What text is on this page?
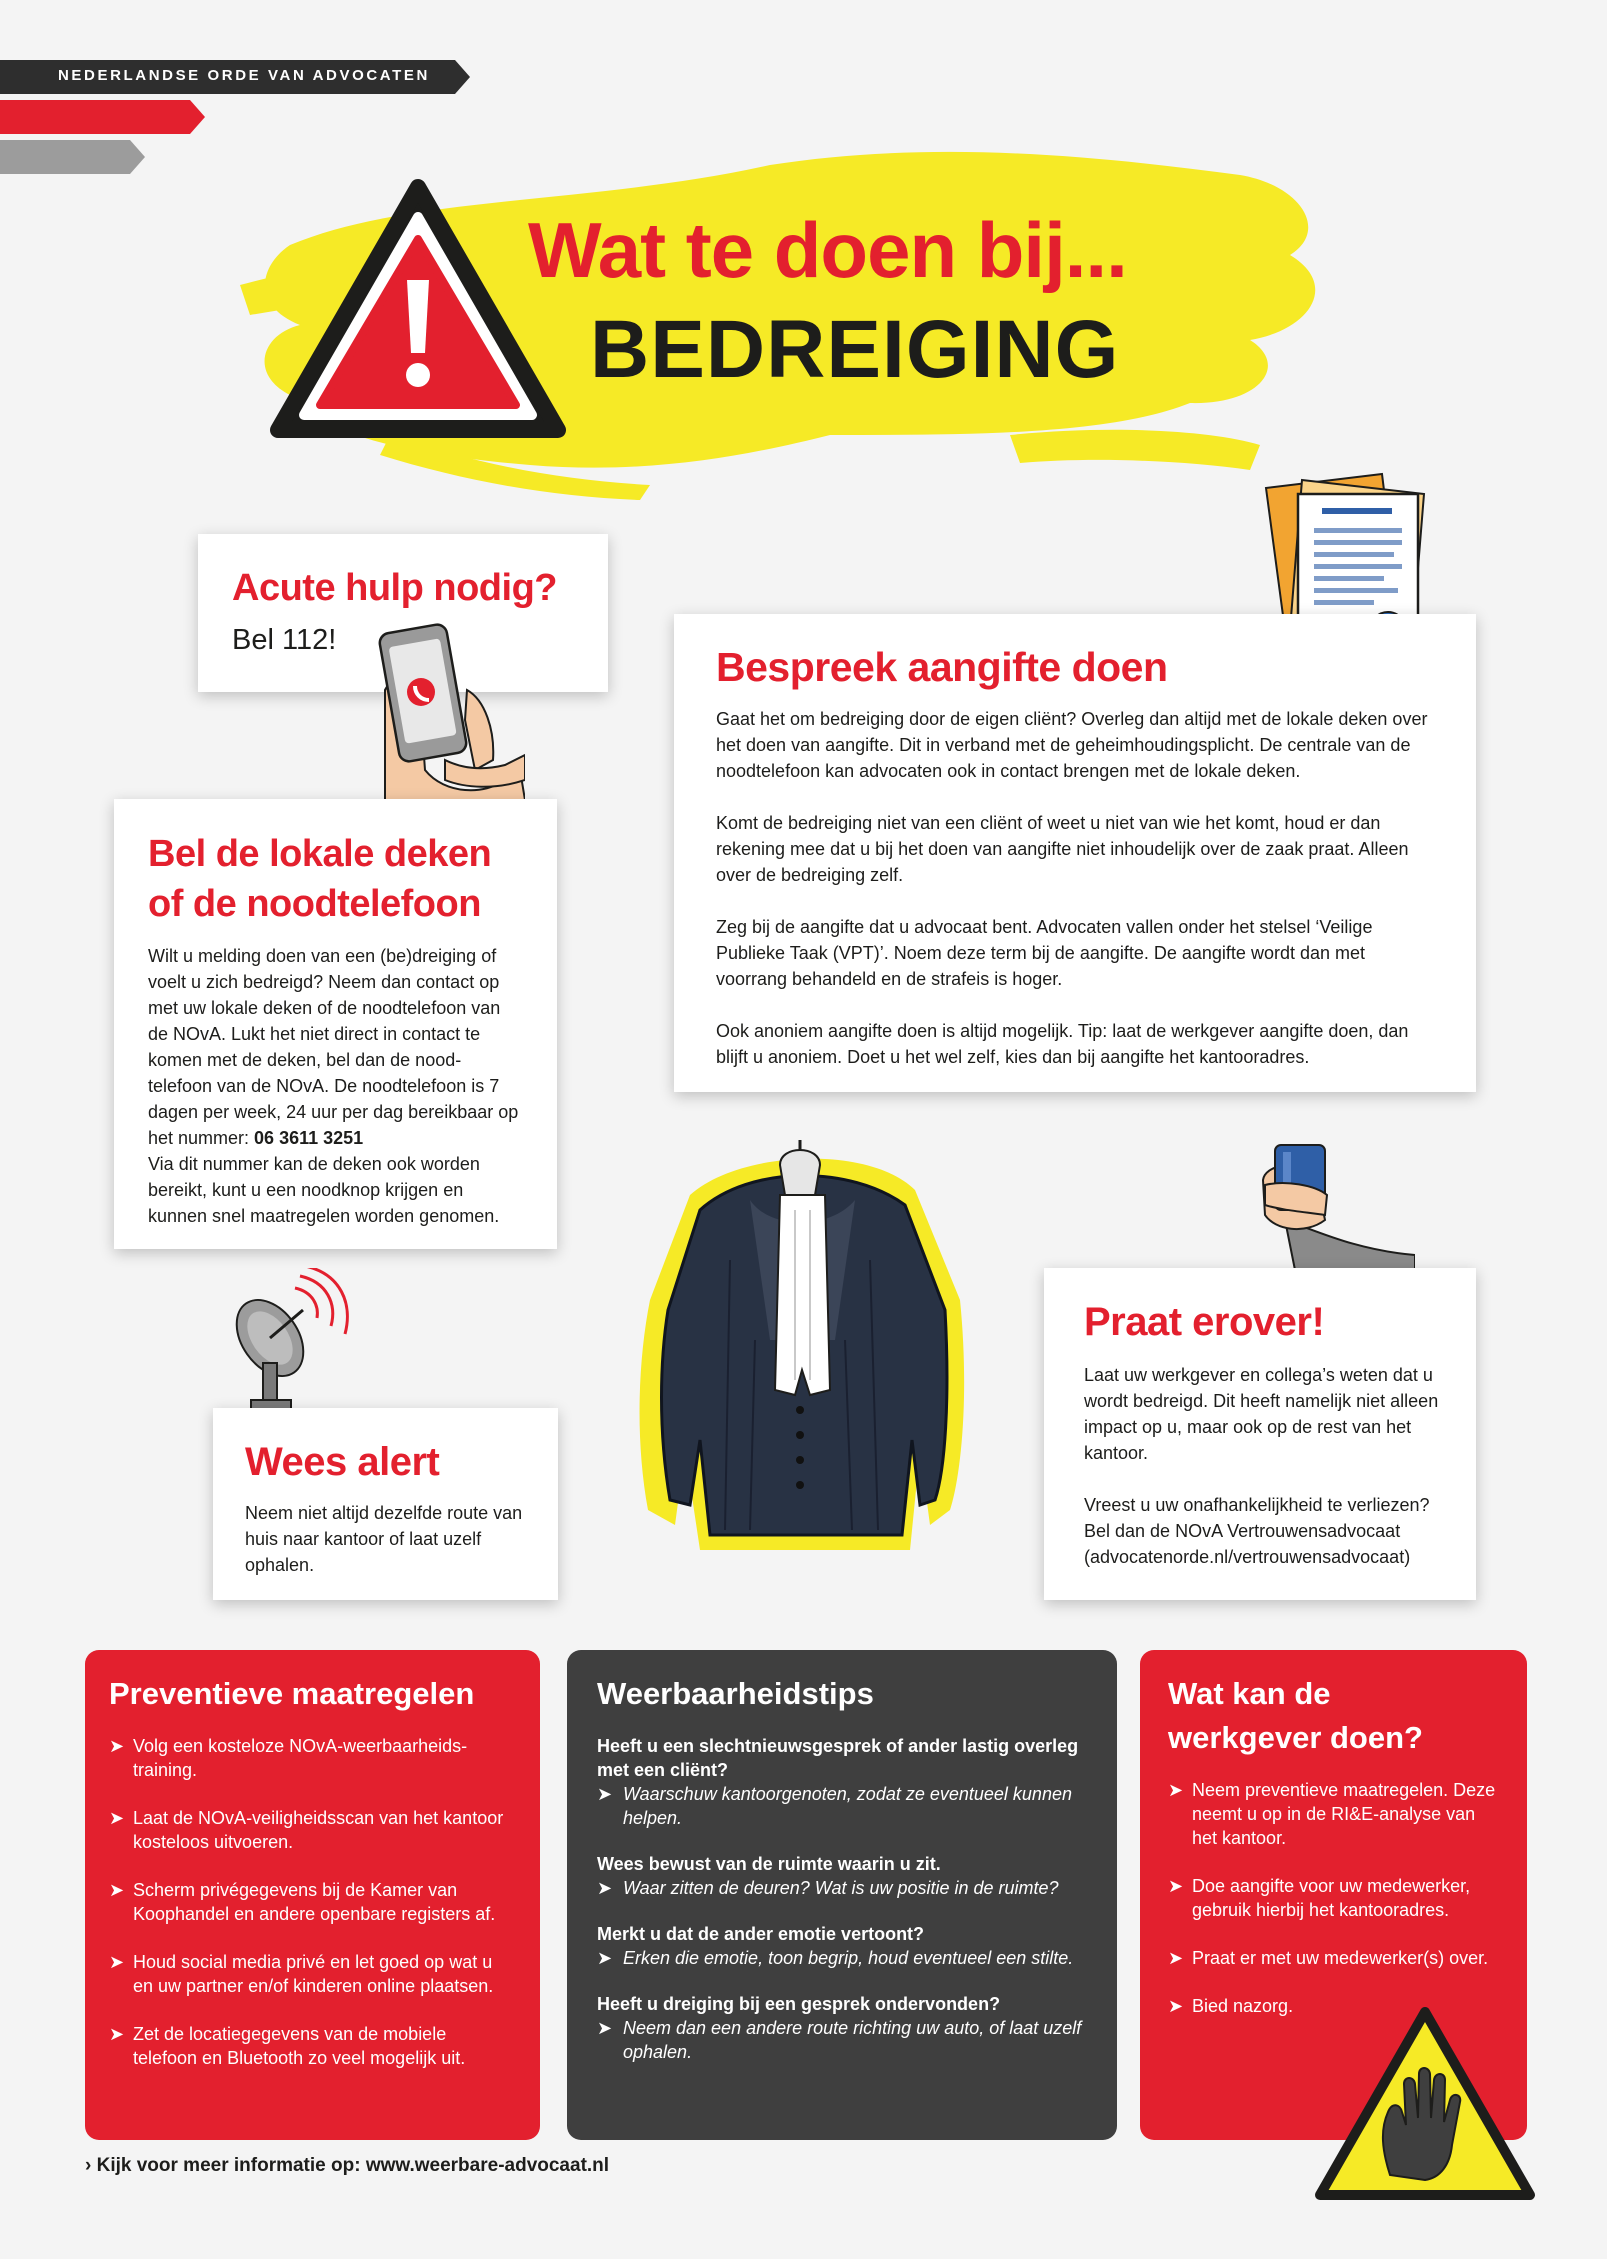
NEDERLANDSE ORDE VAN ADVOCATEN
Wat te doen bij...
BEDREIGING
Acute hulp nodig?
Bel 112!
Bel de lokale deken
of de noodtelefoon
Wilt u melding doen van een (be)dreiging of voelt u zich bedreigd? Neem dan contact op met uw lokale deken of de noodtelefoon van de NOvA. Lukt het niet direct in contact te komen met de deken, bel dan de nood-telefoon van de NOvA. De noodtelefoon is 7 dagen per week, 24 uur per dag bereikbaar op het nummer: 06 3611 3251
Via dit nummer kan de deken ook worden bereikt, kunt u een noodknop krijgen en kunnen snel maatregelen worden genomen.
Bespreek aangifte doen

Gaat het om bedreiging door de eigen cliënt? Overleg dan altijd met de lokale deken over het doen van aangifte. Dit in verband met de geheimhoudingsplicht. De centrale van de noodtelefoon kan advocaten ook in contact brengen met de lokale deken.

Komt de bedreiging niet van een cliënt of weet u niet van wie het komt, houd er dan rekening mee dat u bij het doen van aangifte niet inhoudelijk over de zaak praat. Alleen over de bedreiging zelf.

Zeg bij de aangifte dat u advocaat bent. Advocaten vallen onder het stelsel ‘Veilige Publieke Taak (VPT)’. Noem deze term bij de aangifte. De aangifte wordt dan met voorrang behandeld en de strafeis is hoger.

Ook anoniem aangifte doen is altijd mogelijk. Tip: laat de werkgever aangifte doen, dan blijft u anoniem. Doet u het wel zelf, kies dan bij aangifte het kantooradres.

Wees alert

Neem niet altijd dezelfde route van huis naar kantoor of laat uzelf ophalen.

Praat erover!

Laat uw werkgever en collega’s weten dat u wordt bedreigd. Dit heeft namelijk niet alleen impact op u, maar ook op de rest van het kantoor.

Vreest u uw onafhankelijkheid te verliezen? Bel dan de NOvA Vertrouwensadvocaat (advocatenorde.nl/vertrouwensadvocaat)

Preventieve maatregelen
➤ Volg een kosteloze NOvA-weerbaarheids-training.
➤ Laat de NOvA-veiligheidsscan van het kantoor kosteloos uitvoeren.
➤ Scherm privégegevens bij de Kamer van Koophandel en andere openbare registers af.
➤ Houd social media privé en let goed op wat u en uw partner en/of kinderen online plaatsen.
➤ Zet de locatiegegevens van de mobiele telefoon en Bluetooth zo veel mogelijk uit.
Weerbaarheidstips
Heeft u een slechtnieuwsgesprek of ander lastig overleg met een cliënt?
➤ Waarschuw kantoorgenoten, zodat ze eventueel kunnen helpen.
Wees bewust van de ruimte waarin u zit.
➤ Waar zitten de deuren? Wat is uw positie in de ruimte?
Merkt u dat de ander emotie vertoont?
➤ Erken die emotie, toon begrip, houd eventueel een stilte.
Heeft u dreiging bij een gesprek ondervonden?
➤ Neem dan een andere route richting uw auto, of laat uzelf ophalen.
Wat kan de
werkgever doen?
➤ Neem preventieve maatregelen. Deze neemt u op in de RI&E-analyse van het kantoor.
➤ Doe aangifte voor uw medewerker, gebruik hierbij het kantooradres.
➤ Praat er met uw medewerker(s) over.
➤ Bied nazorg.
› Kijk voor meer informatie op: www.weerbare-advocaat.nl
